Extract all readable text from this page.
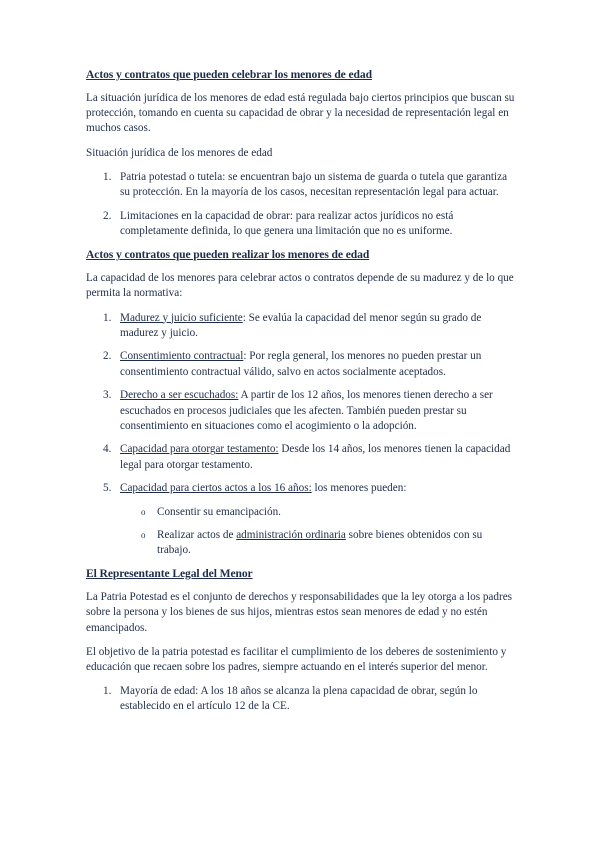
Actos y contratos que pueden celebrar los menores de edad

La situación jurídica de los menores de edad está regulada bajo ciertos principios que buscan su protección, tomando en cuenta su capacidad de obrar y la necesidad de representación legal en muchos casos.

Situación jurídica de los menores de edad

1. Patria potestad o tutela: se encuentran bajo un sistema de guarda o tutela que garantiza su protección. En la mayoría de los casos, necesitan representación legal para actuar.
2. Limitaciones en la capacidad de obrar: para realizar actos jurídicos no está completamente definida, lo que genera una limitación que no es uniforme.
Actos y contratos que pueden realizar los menores de edad

La capacidad de los menores para celebrar actos o contratos depende de su madurez y de lo que permita la normativa:

1. Madurez y juicio suficiente: Se evalúa la capacidad del menor según su grado de madurez y juicio.
2. Consentimiento contractual: Por regla general, los menores no pueden prestar un consentimiento contractual válido, salvo en actos socialmente aceptados.
3. Derecho a ser escuchados: A partir de los 12 años, los menores tienen derecho a ser escuchados en procesos judiciales que les afecten. También pueden prestar su consentimiento en situaciones como el acogimiento o la adopción.
4. Capacidad para otorgar testamento: Desde los 14 años, los menores tienen la capacidad legal para otorgar testamento.
5. Capacidad para ciertos actos a los 16 años: los menores pueden:
o Consentir su emancipación.
o Realizar actos de administración ordinaria sobre bienes obtenidos con su trabajo.
El Representante Legal del Menor

La Patria Potestad es el conjunto de derechos y responsabilidades que la ley otorga a los padres sobre la persona y los bienes de sus hijos, mientras estos sean menores de edad y no estén emancipados.

El objetivo de la patria potestad es facilitar el cumplimiento de los deberes de sostenimiento y educación que recaen sobre los padres, siempre actuando en el interés superior del menor.

1. Mayoría de edad: A los 18 años se alcanza la plena capacidad de obrar, según lo establecido en el artículo 12 de la CE.
